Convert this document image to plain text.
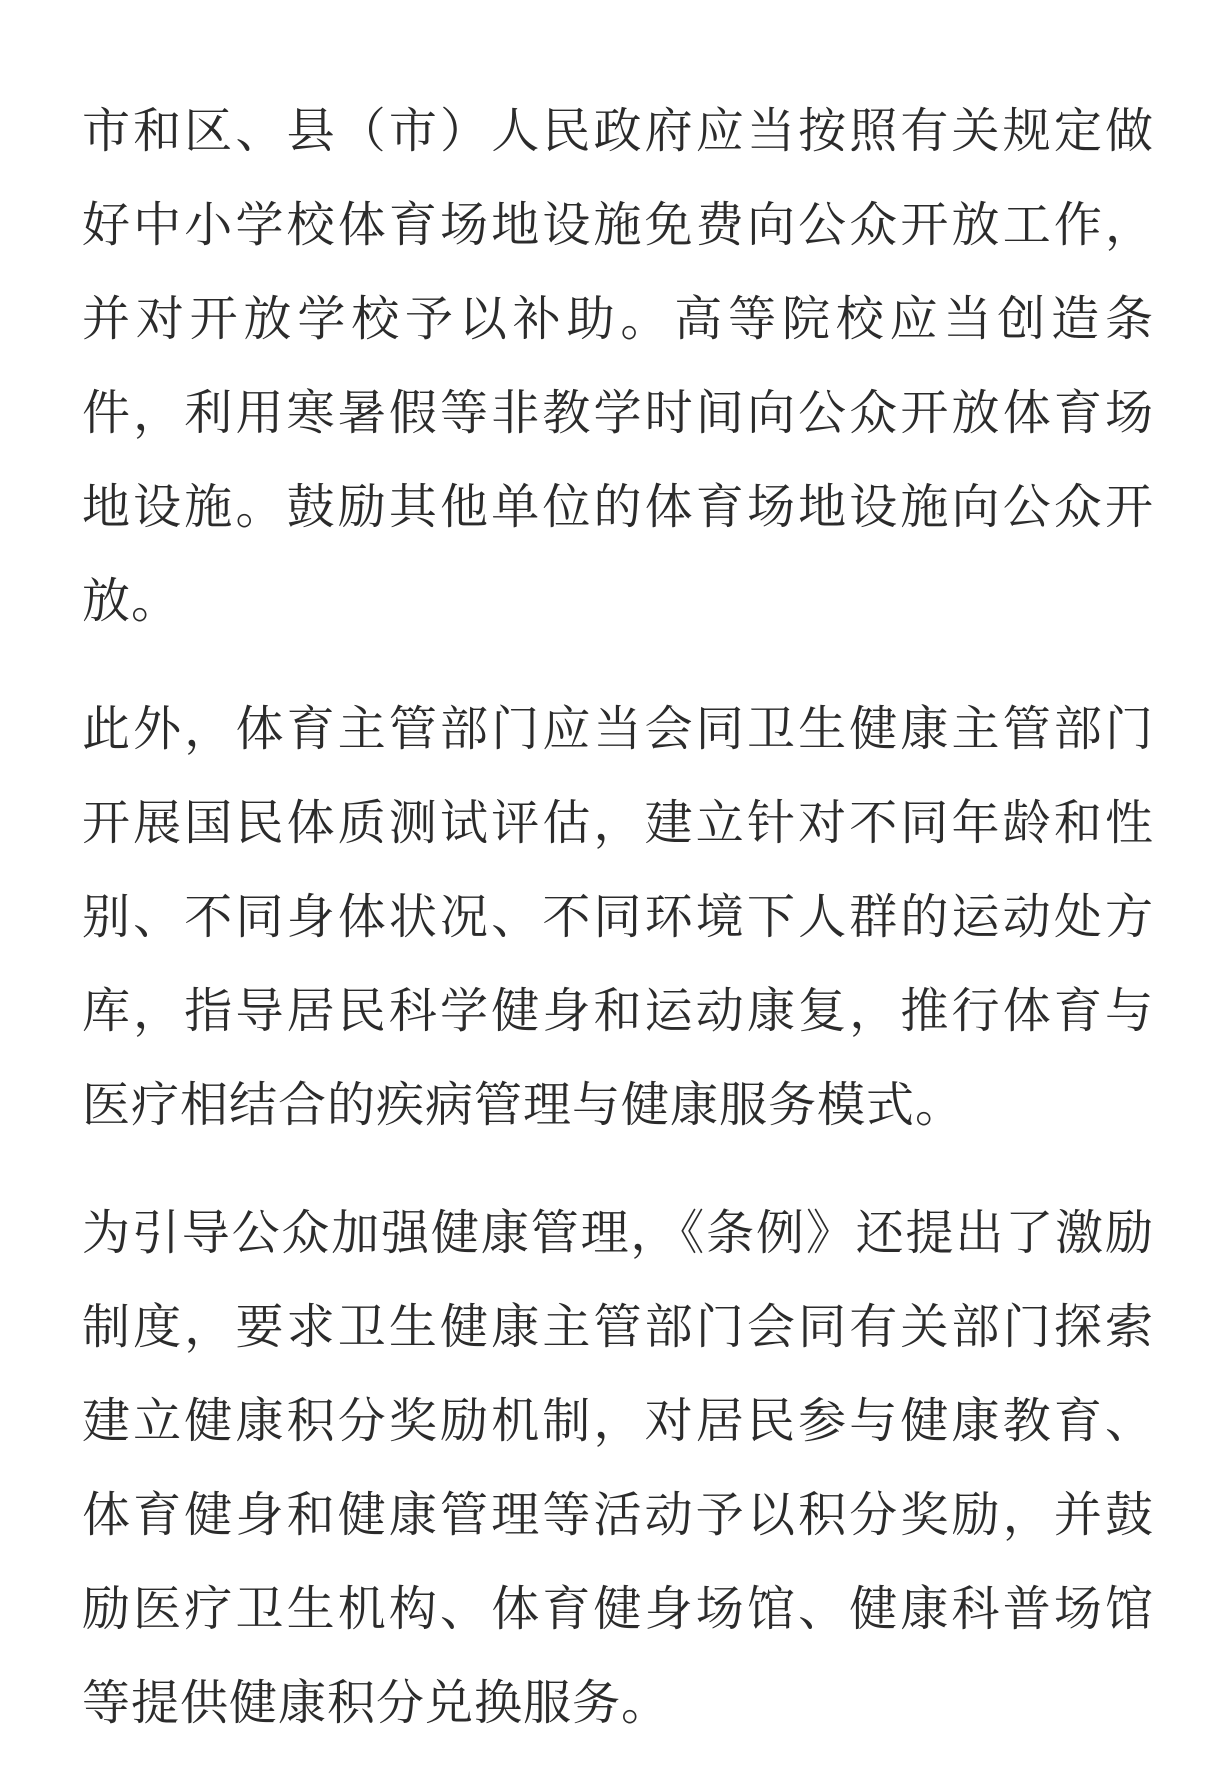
市和区、县（市）人民政府应当按照有关规定做好中小学校体育场地设施免费向公众开放工作，并对开放学校予以补助。高等院校应当创造条件，利用寒暑假等非教学时间向公众开放体育场地设施。鼓励其他单位的体育场地设施向公众开放。

此外，体育主管部门应当会同卫生健康主管部门开展国民体质测试评估，建立针对不同年龄和性别、不同身体状况、不同环境下人群的运动处方库，指导居民科学健身和运动康复，推行体育与医疗相结合的疾病管理与健康服务模式。

为引导公众加强健康管理，《条例》还提出了激励制度，要求卫生健康主管部门会同有关部门探索建立健康积分奖励机制，对居民参与健康教育、体育健身和健康管理等活动予以积分奖励，并鼓励医疗卫生机构、体育健身场馆、健康科普场馆等提供健康积分兑换服务。
